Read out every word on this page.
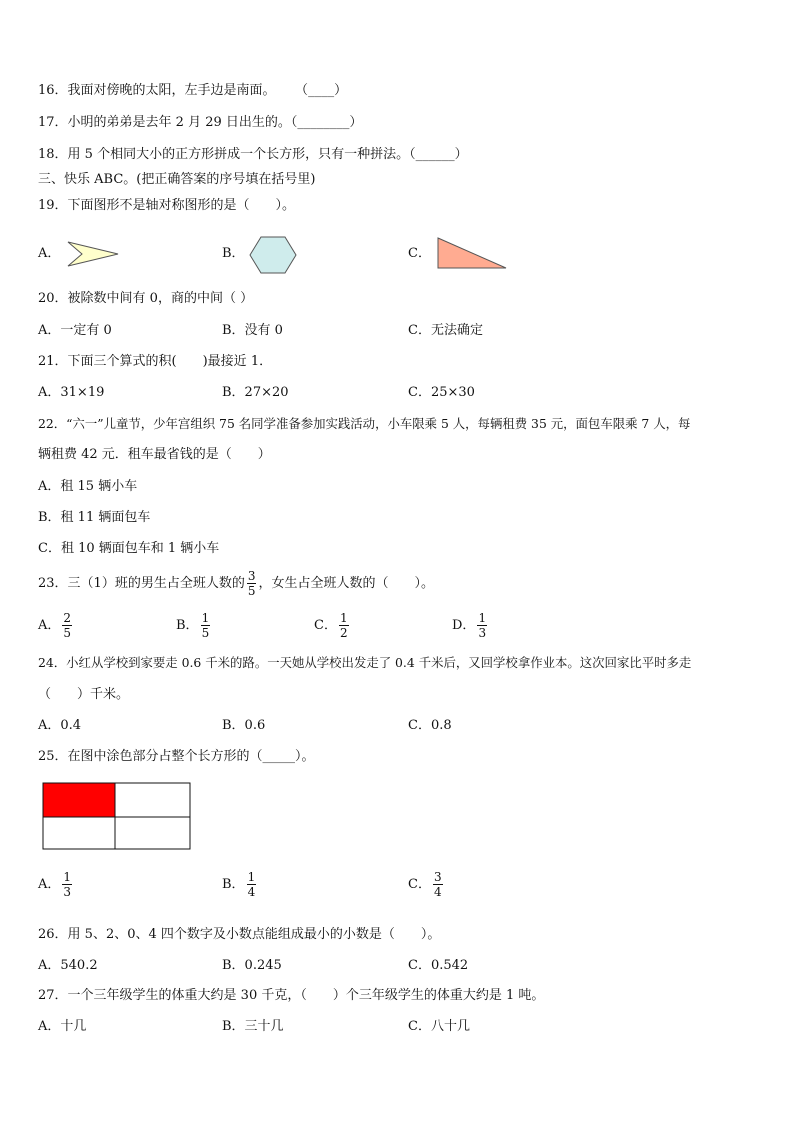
16．我面对傍晚的太阳，左手边是南面。 （____）
17．小明的弟弟是去年 2 月 29 日出生的。（________）
18．用 5 个相同大小的正方形拼成一个长方形，只有一种拼法。（______）
三、快乐 ABC。(把正确答案的序号填在括号里)
19．下面图形不是轴对称图形的是（　　）。
A．	B．	C．
20．被除数中间有 0，商的中间（ ）
A．一定有 0	B．没有 0	C．无法确定
21．下面三个算式的积(　　)最接近 1．
A．31×19	B．27×20	C．25×30
22．“六一”儿童节，少年宫组织 75 名同学准备参加实践活动，小车限乘 5 人，每辆租费 35 元，面包车限乘 7 人，每
辆租费 42 元．租车最省钱的是（　　）
A．租 15 辆小车
B．租 11 辆面包车
C．租 10 辆面包车和 1 辆小车
23．三（1）班的男生占全班人数的 $\frac{3}{5}$ ，女生占全班人数的（　　）。
A． $\frac{2}{5}$	B． $\frac{1}{5}$	C． $\frac{1}{2}$	D． $\frac{1}{3}$
24．小红从学校到家要走 0.6 千米的路。一天她从学校出发走了 0.4 千米后，又回学校拿作业本。这次回家比平时多走
（　　）千米。
A．0.4	B．0.6	C．0.8
25．在图中涂色部分占整个长方形的（_____）。
A． $\frac{1}{3}$	B． $\frac{1}{4}$	C． $\frac{3}{4}$
26．用 5、2、0、4 四个数字及小数点能组成最小的小数是（　　）。
A．540.2	B．0.245	C．0.542
27．一个三年级学生的体重大约是 30 千克，（　　）个三年级学生的体重大约是 1 吨。
A．十几	B．三十几	C．八十几
